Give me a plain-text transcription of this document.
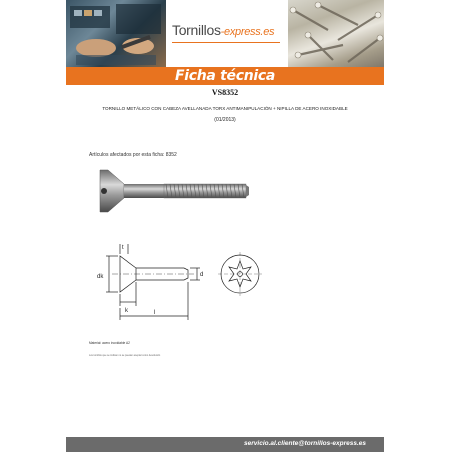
Tornillos-express.es
Ficha técnica
VS8352
TORNILLO METÁLICO CON CABEZA AVELLANADA TORX ANTIMANIPULACIÓN + NIPILLA DE ACERO INOXIDABLE
(01/2013)
Artículos afectados por esta ficha: 8352
t
dk
k
d
l
Material: acero inoxidable A2
Los tornillos que se indican no se pueden aceptar como devolución
servicio.al.cliente@tornillos-express.es
